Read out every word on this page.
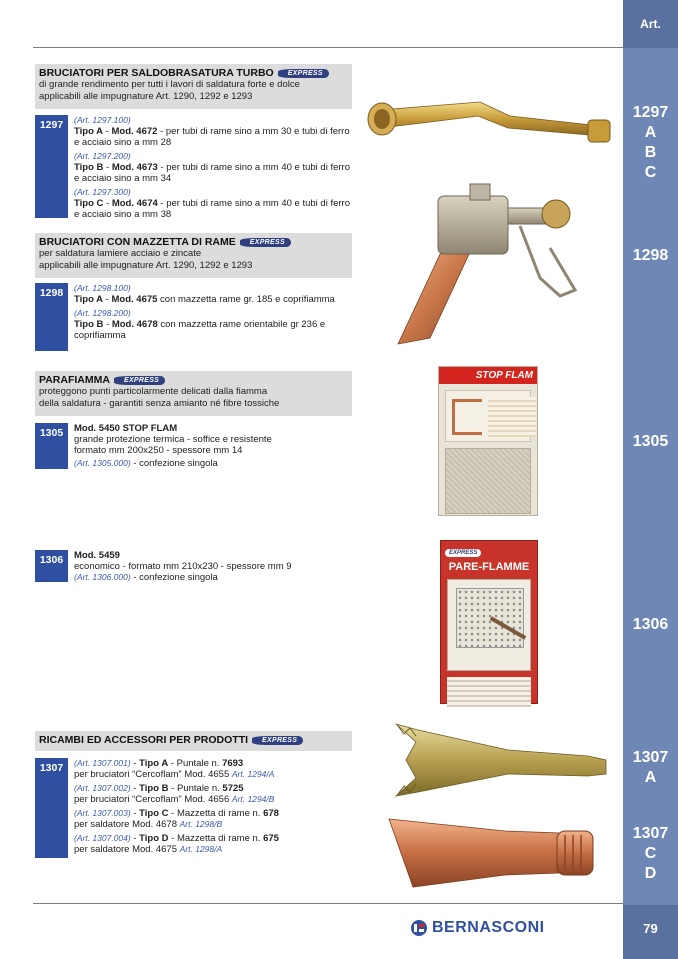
Art.
1297
A
B
C
1298
1305
1306
1307
A
1307
C
D
79
BRUCIATORI PER SALDOBRASATURA TURBO	EXPRESS
di grande rendimento per tutti i lavori di saldatura forte e dolce
applicabili alle impugnature Art. 1290, 1292 e 1293
1297	(Art. 1297.100)
Tipo A - Mod. 4672 - per tubi di rame sino a mm 30 e tubi di ferro e acciaio sino a mm 28
(Art. 1297.200)
Tipo B - Mod. 4673 - per tubi di rame sino a mm 40 e tubi di ferro e acciaio sino a mm 34
(Art. 1297.300)
Tipo C - Mod. 4674 - per tubi di rame sino a mm 40 e tubi di ferro e acciaio sino a mm 38
BRUCIATORI CON MAZZETTA DI RAME	EXPRESS
per saldatura lamiere acciaio e zincate
applicabili alle impugnature Art. 1290, 1292 e 1293
1298	(Art. 1298.100)
Tipo A - Mod. 4675 con mazzetta rame gr. 185 e coprifiamma
(Art. 1298.200)
Tipo B - Mod. 4678 con mazzetta rame orientabile gr 236 e coprifiamma
PARAFIAMMA	EXPRESS
proteggono punti particolarmente delicati dalla fiamma
della saldatura - garantiti senza amianto né fibre tossiche
1305	Mod. 5450 STOP FLAM
grande protezione termica - soffice e resistente
formato mm 200x250 - spessore mm 14
(Art. 1305.000) - confezione singola
STOP FLAM
1306	Mod. 5459
economico - formato mm 210x230 - spessore mm 9
(Art. 1306.000) - confezione singola
EXPRESS
PARE-FLAMME
RICAMBI ED ACCESSORI PER PRODOTTI	EXPRESS
1307	(Art. 1307.001) - Tipo A - Puntale n. 7693
per bruciatori “Cercoflam” Mod. 4655 Art. 1294/A
(Art. 1307.002) - Tipo B - Puntale n. 5725
per bruciatori “Cercoflam” Mod. 4656 Art. 1294/B
(Art. 1307.003) - Tipo C - Mazzetta di rame n. 678
per saldatore Mod. 4678 Art. 1298/B
(Art. 1307.004) - Tipo D - Mazzetta di rame n. 675
per saldatore Mod. 4675 Art. 1298/A
BERNASCONI
